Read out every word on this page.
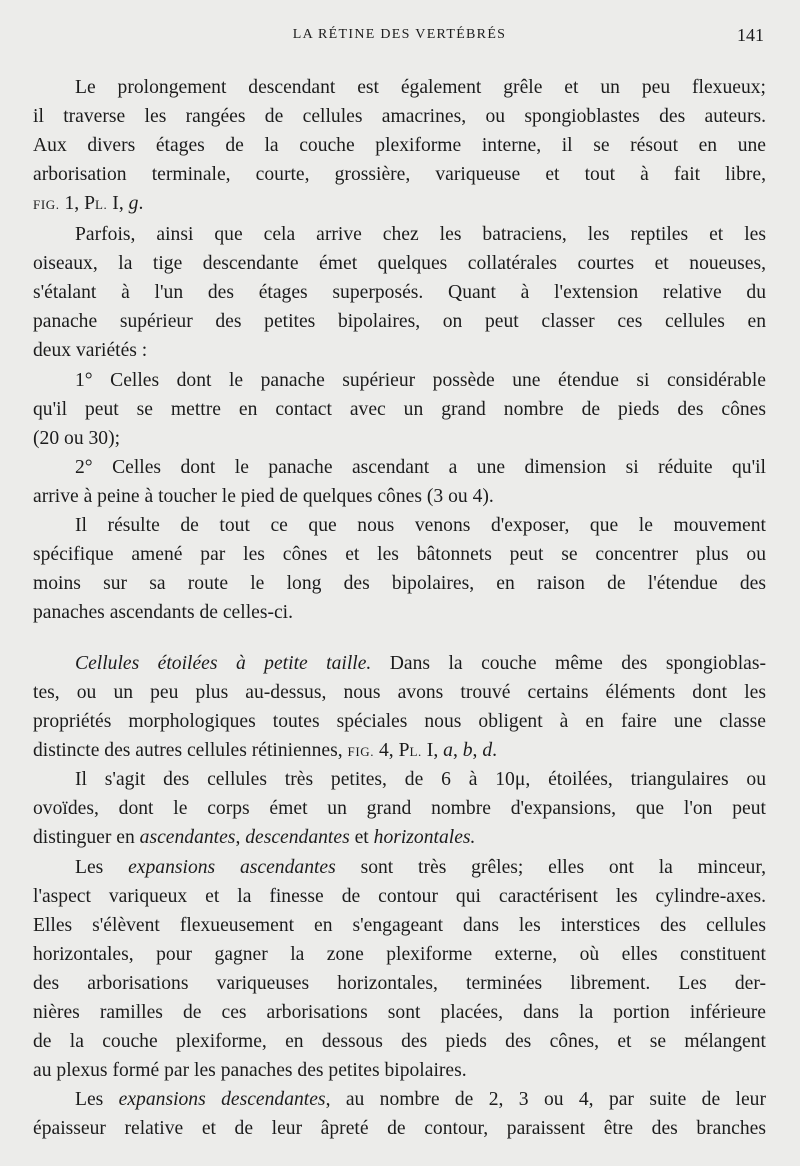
LA RÉTINE DES VERTÉBRÉS	141
Le prolongement descendant est également grêle et un peu flexueux;
il traverse les rangées de cellules amacrines, ou spongioblastes des auteurs.
Aux divers étages de la couche plexiforme interne, il se résout en une
arborisation terminale, courte, grossière, variqueuse et tout à fait libre,
FIG. 1, PL. I, g.
Parfois, ainsi que cela arrive chez les batraciens, les reptiles et les
oiseaux, la tige descendante émet quelques collatérales courtes et noueuses,
s'étalant à l'un des étages superposés. Quant à l'extension relative du
panache supérieur des petites bipolaires, on peut classer ces cellules en
deux variétés :
1° Celles dont le panache supérieur possède une étendue si considérable
qu'il peut se mettre en contact avec un grand nombre de pieds des cônes
(20 ou 30);
2° Celles dont le panache ascendant a une dimension si réduite qu'il
arrive à peine à toucher le pied de quelques cônes (3 ou 4).
Il résulte de tout ce que nous venons d'exposer, que le mouvement
spécifique amené par les cônes et les bâtonnets peut se concentrer plus ou
moins sur sa route le long des bipolaires, en raison de l'étendue des
panaches ascendants de celles-ci.
Cellules étoilées à petite taille. Dans la couche même des spongioblas-
tes, ou un peu plus au-dessus, nous avons trouvé certains éléments dont les
propriétés morphologiques toutes spéciales nous obligent à en faire une classe
distincte des autres cellules rétiniennes, FIG. 4, PL. I, a, b, d.
Il s'agit des cellules très petites, de 6 à 10μ, étoilées, triangulaires ou
ovoïdes, dont le corps émet un grand nombre d'expansions, que l'on peut
distinguer en ascendantes, descendantes et horizontales.
Les expansions ascendantes sont très grêles; elles ont la minceur,
l'aspect variqueux et la finesse de contour qui caractérisent les cylindre-axes.
Elles s'élèvent flexueusement en s'engageant dans les interstices des cellules
horizontales, pour gagner la zone plexiforme externe, où elles constituent
des arborisations variqueuses horizontales, terminées librement. Les der-
nières ramilles de ces arborisations sont placées, dans la portion inférieure
de la couche plexiforme, en dessous des pieds des cônes, et se mélangent
au plexus formé par les panaches des petites bipolaires.
Les expansions descendantes, au nombre de 2, 3 ou 4, par suite de leur
épaisseur relative et de leur âpreté de contour, paraissent être des branches
